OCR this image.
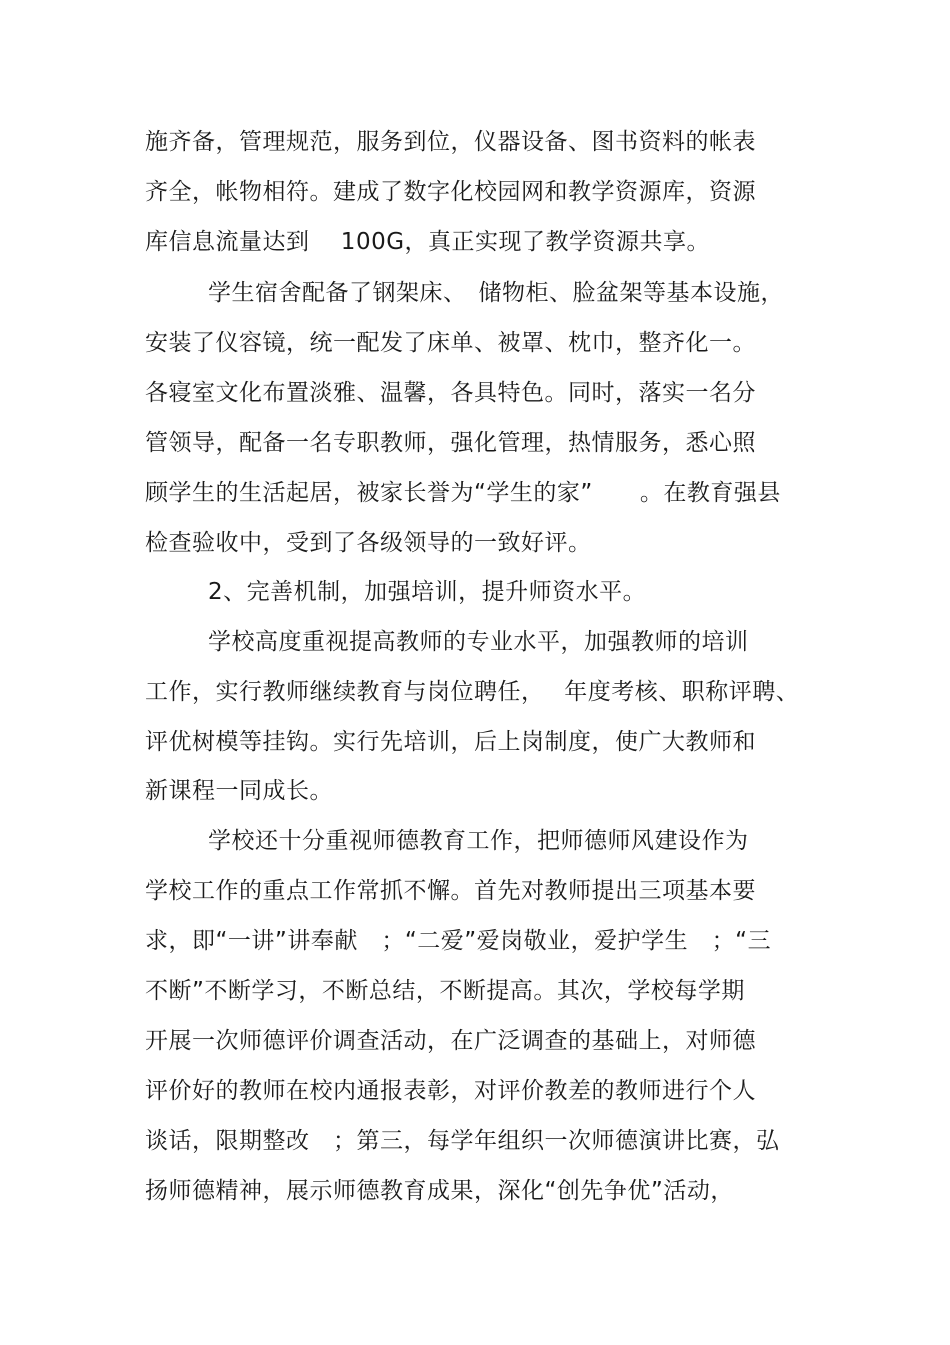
施齐备，管理规范，服务到位，仪器设备、图书资料的帐表
齐全，帐物相符。建成了数字化校园网和教学资源库，资源
库信息流量达到　 100G，真正实现了教学资源共享。
学生宿舍配备了钢架床、　储物柜、脸盆架等基本设施，
安装了仪容镜，统一配发了床单、被罩、枕巾，整齐化一。
各寝室文化布置淡雅、温馨，各具特色。同时，落实一名分
管领导，配备一名专职教师，强化管理，热情服务，悉心照
顾学生的生活起居，被家长誉为“学生的家”　　。在教育强县
检查验收中，受到了各级领导的一致好评。
2、完善机制，加强培训，提升师资水平。
学校高度重视提高教师的专业水平，加强教师的培训
工作，实行教师继续教育与岗位聘任，　 年度考核、职称评聘、
评优树模等挂钩。实行先培训，后上岗制度，使广大教师和
新课程一同成长。
学校还十分重视师德教育工作，把师德师风建设作为
学校工作的重点工作常抓不懈。首先对教师提出三项基本要
求，即“一讲”讲奉献　；“二爱”爱岗敬业，爱护学生　；“三
不断”不断学习，不断总结，不断提高。其次，学校每学期
开展一次师德评价调查活动，在广泛调查的基础上，对师德
评价好的教师在校内通报表彰，对评价教差的教师进行个人
谈话，限期整改　；第三，每学年组织一次师德演讲比赛，弘
扬师德精神，展示师德教育成果，深化“创先争优”活动，
